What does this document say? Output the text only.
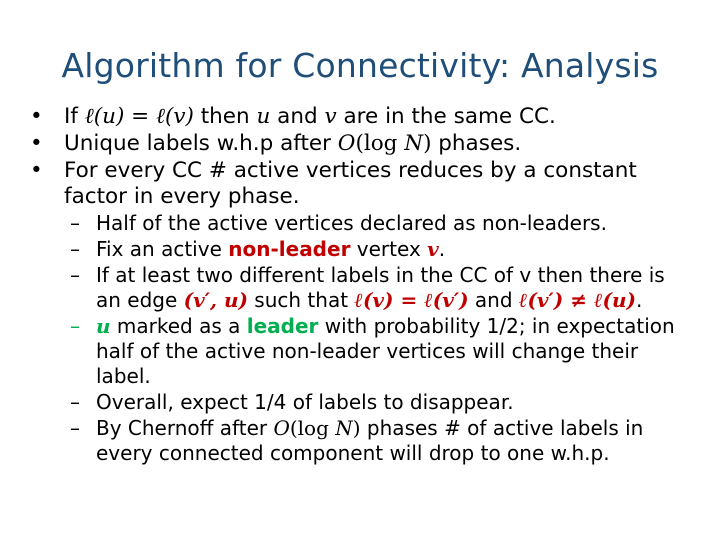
Algorithm for Connectivity: Analysis
• If ℓ(u) = ℓ(v) then u and v are in the same CC.
• Unique labels w.h.p after O(log N) phases.
• For every CC # active vertices reduces by a constant factor in every phase.
– Half of the active vertices declared as non-leaders.
– Fix an active non-leader vertex v.
– If at least two different labels in the CC of v then there is an edge (v′, u) such that ℓ(v) = ℓ(v′) and ℓ(v′) ≠ ℓ(u).
– u marked as a leader with probability 1/2; in expectation half of the active non-leader vertices will change their label.
– Overall, expect 1/4 of labels to disappear.
– By Chernoff after O(log N) phases # of active labels in every connected component will drop to one w.h.p.
